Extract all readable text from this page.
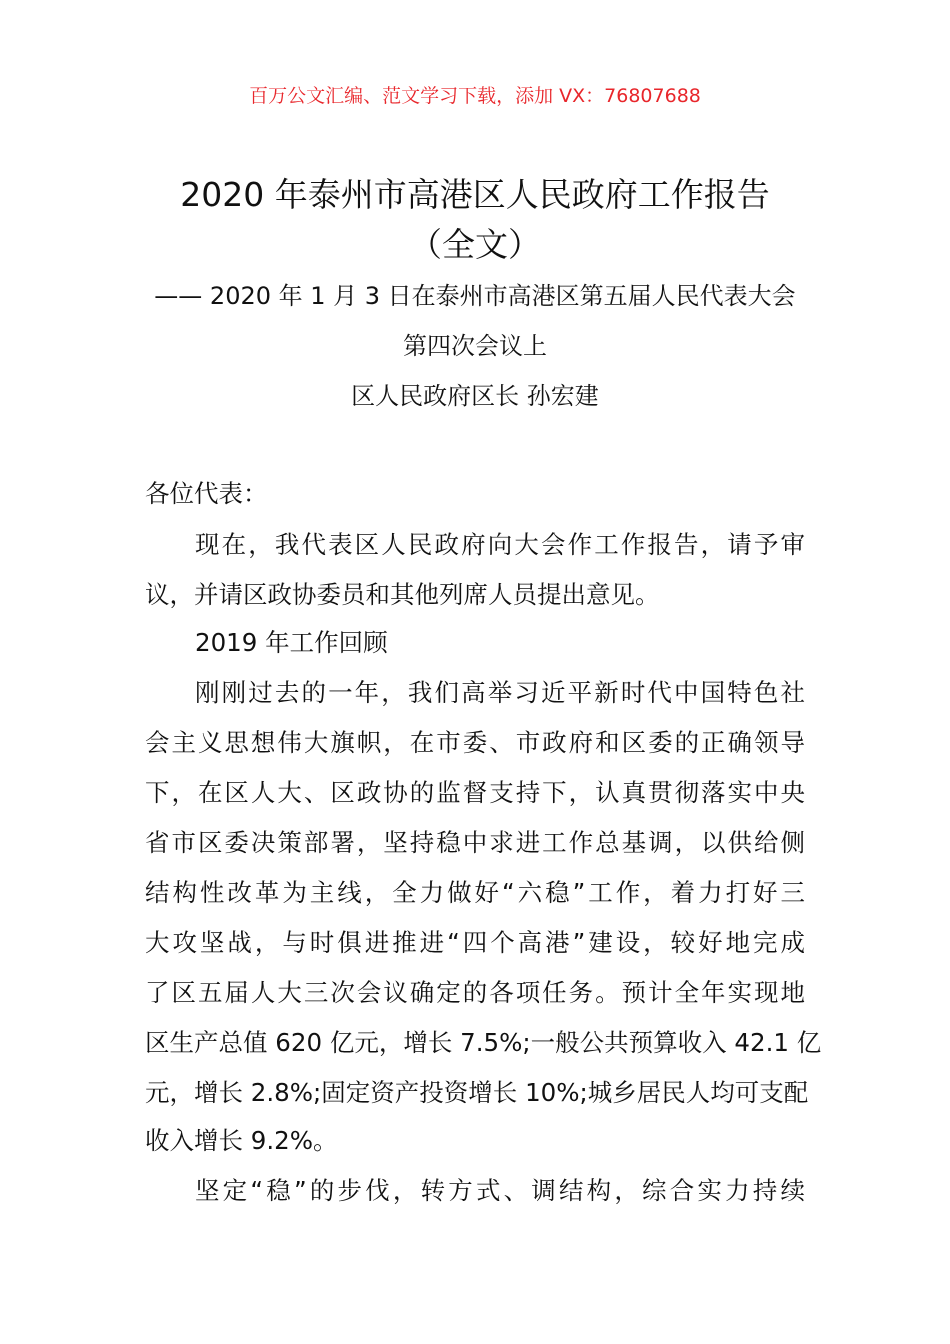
百万公文汇编、范文学习下载，添加 VX：76807688
2020 年泰州市高港区人民政府工作报告
（全文）
—— 2020 年 1 月 3 日在泰州市高港区第五届人民代表大会
第四次会议上
区人民政府区长 孙宏建
各位代表：
现在，我代表区人民政府向大会作工作报告，请予审
议，并请区政协委员和其他列席人员提出意见。
2019 年工作回顾
刚刚过去的一年，我们高举习近平新时代中国特色社
会主义思想伟大旗帜，在市委、市政府和区委的正确领导
下，在区人大、区政协的监督支持下，认真贯彻落实中央
省市区委决策部署，坚持稳中求进工作总基调，以供给侧
结构性改革为主线，全力做好“六稳”工作，着力打好三
大攻坚战，与时俱进推进“四个高港”建设，较好地完成
了区五届人大三次会议确定的各项任务。预计全年实现地
区生产总值 620 亿元，增长 7.5%;一般公共预算收入 42.1 亿
元，增长 2.8%;固定资产投资增长 10%;城乡居民人均可支配
收入增长 9.2%。
坚定“稳”的步伐，转方式、调结构，综合实力持续
